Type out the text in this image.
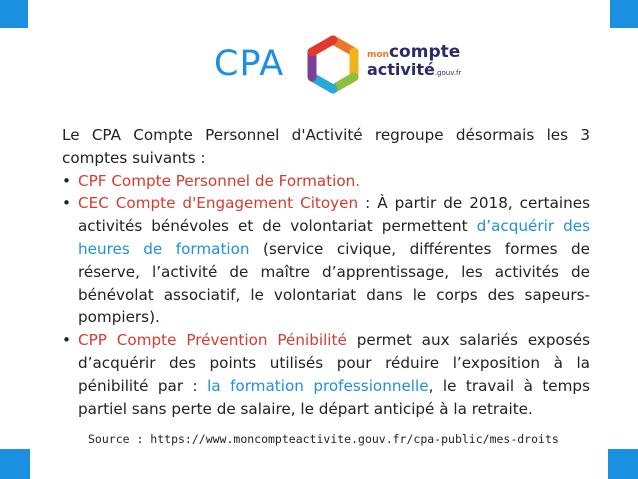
CPA	moncompte
activité.gouv.fr

Le CPA Compte Personnel d'Activité regroupe désormais les 3 comptes suivants :

• CPF Compte Personnel de Formation.
• CEC Compte d'Engagement Citoyen : À partir de 2018, certaines activités bénévoles et de volontariat permettent d’acquérir des heures de formation (service civique, différentes formes de réserve, l’activité de maître d’apprentissage, les activités de bénévolat associatif, le volontariat dans le corps des sapeurs-pompiers).
• CPP Compte Prévention Pénibilité permet aux salariés exposés d’acquérir des points utilisés pour réduire l’exposition à la pénibilité par : la formation professionnelle, le travail à temps partiel sans perte de salaire, le départ anticipé à la retraite.
Source : https://www.moncompteactivite.gouv.fr/cpa-public/mes-droits
